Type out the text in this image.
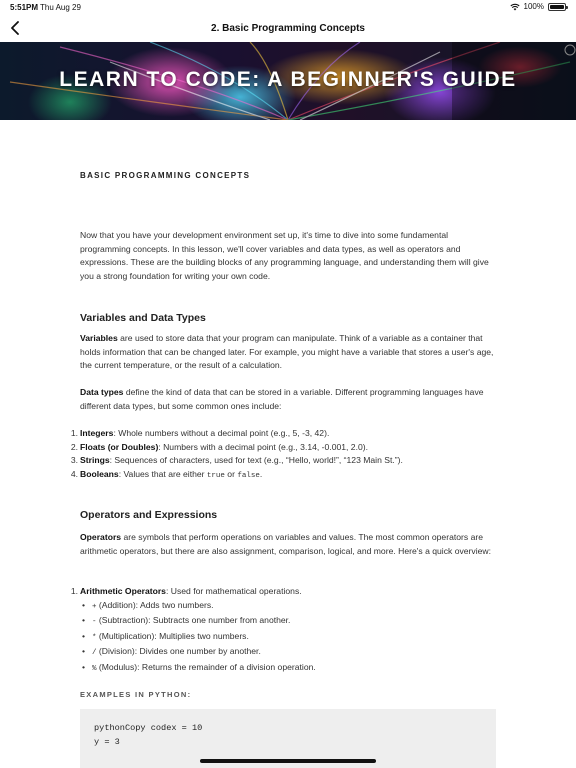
5:51PM Thu Aug 29	100%
2. Basic Programming Concepts
LEARN TO CODE: A BEGINNER'S GUIDE
BASIC PROGRAMMING CONCEPTS

Now that you have your development environment set up, it's time to dive into some fundamental programming concepts. In this lesson, we'll cover variables and data types, as well as operators and expressions. These are the building blocks of any programming language, and understanding them will give you a strong foundation for writing your own code.

Variables and Data Types

Variables are used to store data that your program can manipulate. Think of a variable as a container that holds information that can be changed later. For example, you might have a variable that stores a user's age, the current temperature, or the result of a calculation.

Data types define the kind of data that can be stored in a variable. Different programming languages have different data types, but some common ones include:

1. Integers: Whole numbers without a decimal point (e.g., 5, -3, 42).
2. Floats (or Doubles): Numbers with a decimal point (e.g., 3.14, -0.001, 2.0).
3. Strings: Sequences of characters, used for text (e.g., “Hello, world!”, “123 Main St.”).
4. Booleans: Values that are either true or false.
Operators and Expressions

Operators are symbols that perform operations on variables and values. The most common operators are arithmetic operators, but there are also assignment, comparison, logical, and more. Here's a quick overview:

1. Arithmetic Operators: Used for mathematical operations.
• + (Addition): Adds two numbers.
• - (Subtraction): Subtracts one number from another.
• * (Multiplication): Multiplies two numbers.
• / (Division): Divides one number by another.
• % (Modulus): Returns the remainder of a division operation.
EXAMPLES IN PYTHON:
pythonCopy codex = 10
y = 3
